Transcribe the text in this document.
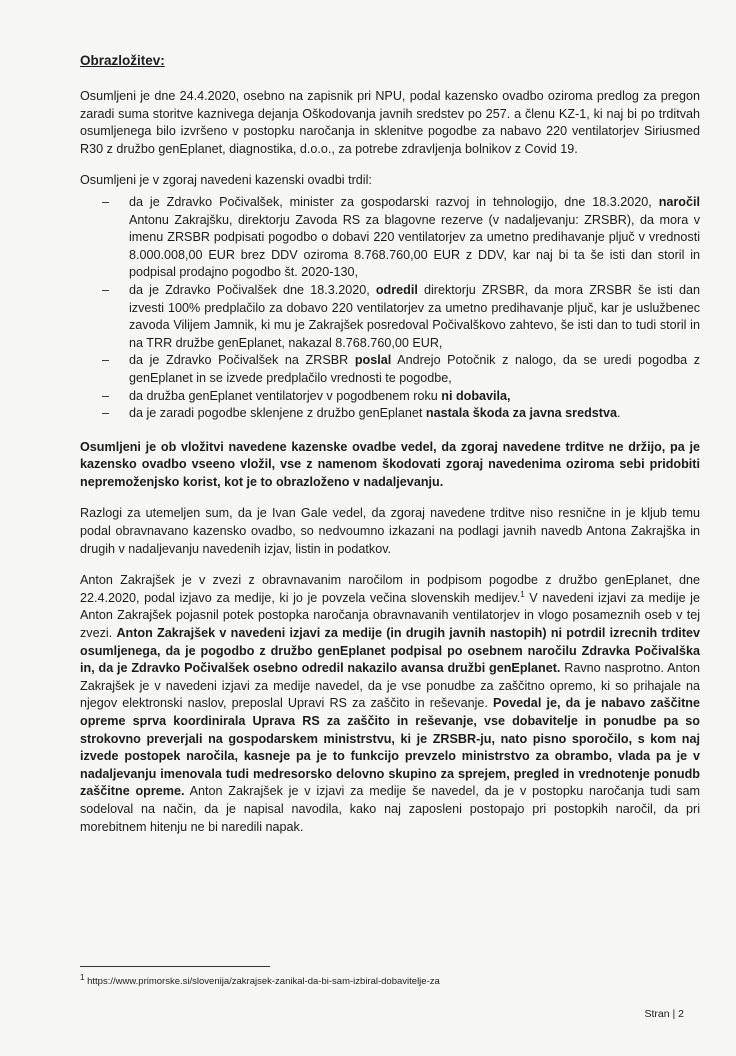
Obrazložitev:

Osumljeni je dne 24.4.2020, osebno na zapisnik pri NPU, podal kazensko ovadbo oziroma predlog za pregon zaradi suma storitve kaznivega dejanja Oškodovanja javnih sredstev po 257. a členu KZ-1, ki naj bi po trditvah osumljenega bilo izvršeno v postopku naročanja in sklenitve pogodbe za nabavo 220 ventilatorjev Siriusmed R30 z družbo genEplanet, diagnostika, d.o.o., za potrebe zdravljenja bolnikov z Covid 19.

Osumljeni je v zgoraj navedeni kazenski ovadbi trdil:

– da je Zdravko Počivalšek, minister za gospodarski razvoj in tehnologijo, dne 18.3.2020, naročil Antonu Zakrajšku, direktorju Zavoda RS za blagovne rezerve (v nadaljevanju: ZRSBR), da mora v imenu ZRSBR podpisati pogodbo o dobavi 220 ventilatorjev za umetno predihavanje pljuč v vrednosti 8.000.008,00 EUR brez DDV oziroma 8.768.760,00 EUR z DDV, kar naj bi ta še isti dan storil in podpisal prodajno pogodbo št. 2020-130,
– da je Zdravko Počivalšek dne 18.3.2020, odredil direktorju ZRSBR, da mora ZRSBR še isti dan izvesti 100% predplačilo za dobavo 220 ventilatorjev za umetno predihavanje pljuč, kar je uslužbenec zavoda Vilijem Jamnik, ki mu je Zakrajšek posredoval Počivalškovo zahtevo, še isti dan to tudi storil in na TRR družbe genEplanet, nakazal 8.768.760,00 EUR,
– da je Zdravko Počivalšek na ZRSBR poslal Andrejo Potočnik z nalogo, da se uredi pogodba z genEplanet in se izvede predplačilo vrednosti te pogodbe,
– da družba genEplanet ventilatorjev v pogodbenem roku ni dobavila,
– da je zaradi pogodbe sklenjene z družbo genEplanet nastala škoda za javna sredstva.

Osumljeni je ob vložitvi navedene kazenske ovadbe vedel, da zgoraj navedene trditve ne držijo, pa je kazensko ovadbo vseeno vložil, vse z namenom škodovati zgoraj navedenima oziroma sebi pridobiti nepremoženjsko korist, kot je to obrazloženo v nadaljevanju.

Razlogi za utemeljen sum, da je Ivan Gale vedel, da zgoraj navedene trditve niso resnične in je kljub temu podal obravnavano kazensko ovadbo, so nedvoumno izkazani na podlagi javnih navedb Antona Zakrajška in drugih v nadaljevanju navedenih izjav, listin in podatkov.

Anton Zakrajšek je v zvezi z obravnavanim naročilom in podpisom pogodbe z družbo genEplanet, dne 22.4.2020, podal izjavo za medije, ki jo je povzela večina slovenskih medijev.$^1$ V navedeni izjavi za medije je Anton Zakrajšek pojasnil potek postopka naročanja obravnavanih ventilatorjev in vlogo posameznih oseb v tej zvezi. Anton Zakrajšek v navedeni izjavi za medije (in drugih javnih nastopih) ni potrdil izrecnih trditev osumljenega, da je pogodbo z družbo genEplanet podpisal po osebnem naročilu Zdravka Počivalška in, da je Zdravko Počivalšek osebno odredil nakazilo avansa družbi genEplanet. Ravno nasprotno. Anton Zakrajšek je v navedeni izjavi za medije navedel, da je vse ponudbe za zaščitno opremo, ki so prihajale na njegov elektronski naslov, preposlal Upravi RS za zaščito in reševanje. Povedal je, da je nabavo zaščitne opreme sprva koordinirala Uprava RS za zaščito in reševanje, vse dobavitelje in ponudbe pa so strokovno preverjali na gospodarskem ministrstvu, ki je ZRSBR-ju, nato pisno sporočilo, s kom naj izvede postopek naročila, kasneje pa je to funkcijo prevzelo ministrstvo za obrambo, vlada pa je v nadaljevanju imenovala tudi medresorsko delovno skupino za sprejem, pregled in vrednotenje ponudb zaščitne opreme. Anton Zakrajšek je v izjavi za medije še navedel, da je v postopku naročanja tudi sam sodeloval na način, da je napisal navodila, kako naj zaposleni postopajo pri postopkih naročil, da pri morebitnem hitenju ne bi naredili napak.

$^1$ https://www.primorske.si/slovenija/zakrajsek-zanikal-da-bi-sam-izbiral-dobavitelje-za
Stran | 2
